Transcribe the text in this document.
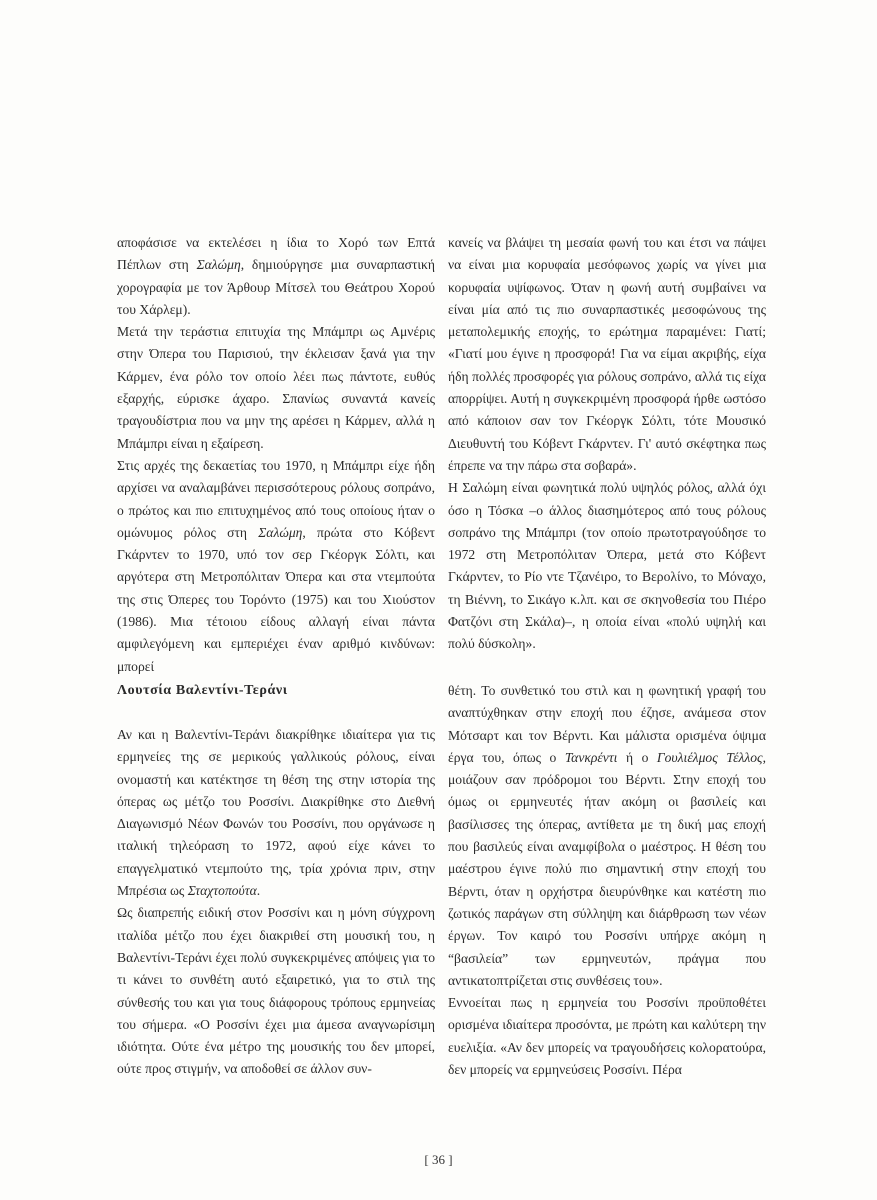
αποφάσισε να εκτελέσει η ίδια το Χορό των Επτά Πέπλων στη Σαλώμη, δημιούργησε μια συναρπαστική χορογραφία με τον Άρθουρ Μίτσελ του Θεάτρου Χορού του Χάρλεμ).

Μετά την τεράστια επιτυχία της Μπάμπρι ως Αμνέρις στην Όπερα του Παρισιού, την έκλεισαν ξανά για την Κάρμεν, ένα ρόλο τον οποίο λέει πως πάντοτε, ευθύς εξαρχής, εύρισκε άχαρο. Σπανίως συναντά κανείς τραγουδίστρια που να μην της αρέσει η Κάρμεν, αλλά η Μπάμπρι είναι η εξαίρεση.

Στις αρχές της δεκαετίας του 1970, η Μπάμπρι είχε ήδη αρχίσει να αναλαμβάνει περισσότερους ρόλους σοπράνο, ο πρώτος και πιο επιτυχημένος από τους οποίους ήταν ο ομώνυμος ρόλος στη Σαλώμη, πρώτα στο Κόβεντ Γκάρντεν το 1970, υπό τον σερ Γκέοργκ Σόλτι, και αργότερα στη Μετροπόλιταν Όπερα και στα ντεμπούτα της στις Όπερες του Τορόντο (1975) και του Χιούστον (1986). Μια τέτοιου είδους αλλαγή είναι πάντα αμφιλεγόμενη και εμπεριέχει έναν αριθμό κινδύνων: μπορεί

κανείς να βλάψει τη μεσαία φωνή του και έτσι να πάψει να είναι μια κορυφαία μεσόφωνος χωρίς να γίνει μια κορυφαία υψίφωνος. Όταν η φωνή αυτή συμβαίνει να είναι μία από τις πιο συναρπαστικές μεσοφώνους της μεταπολεμικής εποχής, το ερώτημα παραμένει: Γιατί; «Γιατί μου έγινε η προσφορά! Για να είμαι ακριβής, είχα ήδη πολλές προσφορές για ρόλους σοπράνο, αλλά τις είχα απορρίψει. Αυτή η συγκεκριμένη προσφορά ήρθε ωστόσο από κάποιον σαν τον Γκέοργκ Σόλτι, τότε Μουσικό Διευθυντή του Κόβεντ Γκάρντεν. Γι' αυτό σκέφτηκα πως έπρεπε να την πάρω στα σοβαρά».

Η Σαλώμη είναι φωνητικά πολύ υψηλός ρόλος, αλλά όχι όσο η Τόσκα –ο άλλος διασημότερος από τους ρόλους σοπράνο της Μπάμπρι (τον οποίο πρωτοτραγούδησε το 1972 στη Μετροπόλιταν Όπερα, μετά στο Κόβεντ Γκάρντεν, το Ρίο ντε Τζανέιρο, το Βερολίνο, το Μόναχο, τη Βιέννη, το Σικάγο κ.λπ. και σε σκηνοθεσία του Πιέρο Φατζόνι στη Σκάλα)–, η οποία είναι «πολύ υψηλή και πολύ δύσκολη».

Λουτσία Βαλεντίνι-Τεράνι

Αν και η Βαλεντίνι-Τεράνι διακρίθηκε ιδιαίτερα για τις ερμηνείες της σε μερικούς γαλλικούς ρόλους, είναι ονομαστή και κατέκτησε τη θέση της στην ιστορία της όπερας ως μέτζο του Ροσσίνι. Διακρίθηκε στο Διεθνή Διαγωνισμό Νέων Φωνών του Ροσσίνι, που οργάνωσε η ιταλική τηλεόραση το 1972, αφού είχε κάνει το επαγγελματικό ντεμπούτο της, τρία χρόνια πριν, στην Μπρέσια ως Σταχτοπούτα.

Ως διαπρεπής ειδική στον Ροσσίνι και η μόνη σύγχρονη ιταλίδα μέτζο που έχει διακριθεί στη μουσική του, η Βαλεντίνι-Τεράνι έχει πολύ συγκεκριμένες απόψεις για το τι κάνει το συνθέτη αυτό εξαιρετικό, για το στιλ της σύνθεσής του και για τους διάφορους τρόπους ερμηνείας του σήμερα. «Ο Ροσσίνι έχει μια άμεσα αναγνωρίσιμη ιδιότητα. Ούτε ένα μέτρο της μουσικής του δεν μπορεί, ούτε προς στιγμήν, να αποδοθεί σε άλλον συν-

θέτη. Το συνθετικό του στιλ και η φωνητική γραφή του αναπτύχθηκαν στην εποχή που έζησε, ανάμεσα στον Μότσαρτ και τον Βέρντι. Και μάλιστα ορισμένα όψιμα έργα του, όπως ο Τανκρέντι ή ο Γουλιέλμος Τέλλος, μοιάζουν σαν πρόδρομοι του Βέρντι. Στην εποχή του όμως οι ερμηνευτές ήταν ακόμη οι βασιλείς και βασίλισσες της όπερας, αντίθετα με τη δική μας εποχή που βασιλεύς είναι αναμφίβολα ο μαέστρος. Η θέση του μαέστρου έγινε πολύ πιο σημαντική στην εποχή του Βέρντι, όταν η ορχήστρα διευρύνθηκε και κατέστη πιο ζωτικός παράγων στη σύλληψη και διάρθρωση των νέων έργων. Τον καιρό του Ροσσίνι υπήρχε ακόμη η “βασιλεία” των ερμηνευτών, πράγμα που αντικατοπτρίζεται στις συνθέσεις του».

Εννοείται πως η ερμηνεία του Ροσσίνι προϋποθέτει ορισμένα ιδιαίτερα προσόντα, με πρώτη και καλύτερη την ευελιξία. «Αν δεν μπορείς να τραγουδήσεις κολορατούρα, δεν μπορείς να ερμηνεύσεις Ροσσίνι. Πέρα

[ 36 ]
